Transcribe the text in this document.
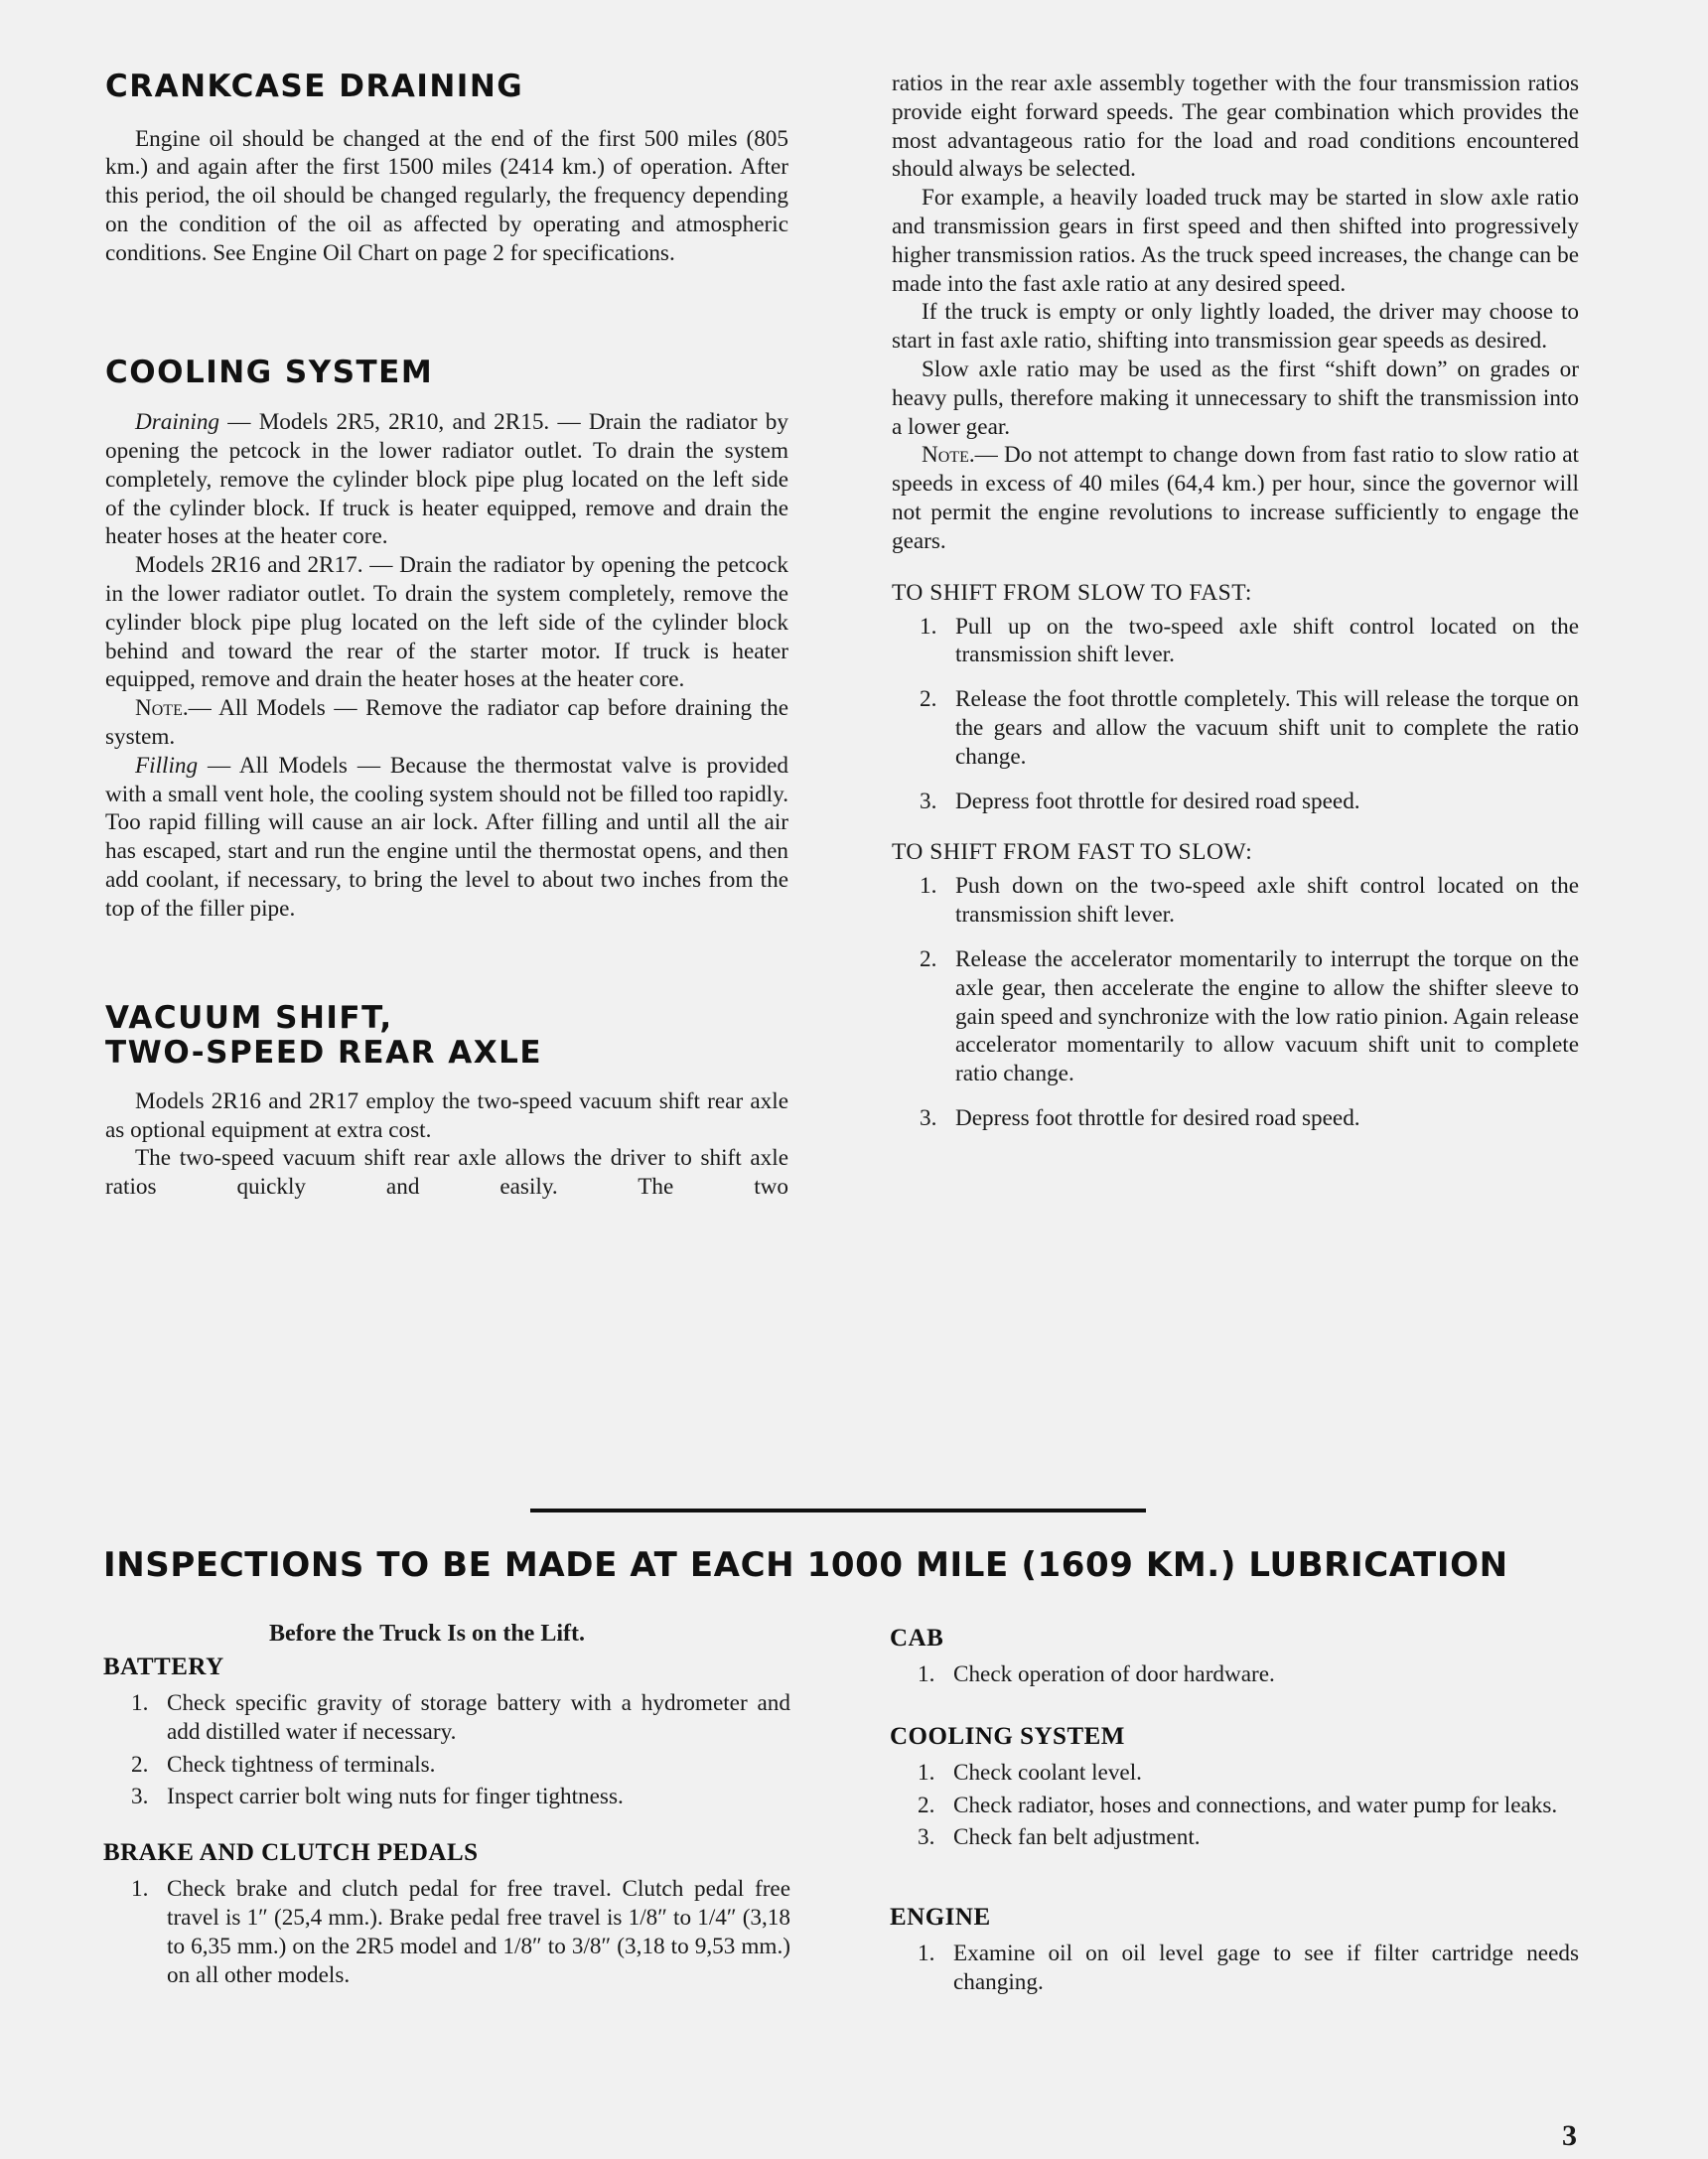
CRANKCASE DRAINING

Engine oil should be changed at the end of the first 500 miles (805 km.) and again after the first 1500 miles (2414 km.) of operation. After this period, the oil should be changed regularly, the frequency depending on the condition of the oil as affected by operating and atmospheric conditions. See Engine Oil Chart on page 2 for specifications.

COOLING SYSTEM

Draining — Models 2R5, 2R10, and 2R15. — Drain the radiator by opening the petcock in the lower radiator outlet. To drain the system completely, remove the cylinder block pipe plug located on the left side of the cylinder block. If truck is heater equipped, remove and drain the heater hoses at the heater core.

Models 2R16 and 2R17. — Drain the radiator by opening the petcock in the lower radiator outlet. To drain the system completely, remove the cylinder block pipe plug located on the left side of the cylinder block behind and toward the rear of the starter motor. If truck is heater equipped, remove and drain the heater hoses at the heater core.

Note.— All Models — Remove the radiator cap before draining the system.

Filling — All Models — Because the thermostat valve is provided with a small vent hole, the cooling system should not be filled too rapidly. Too rapid filling will cause an air lock. After filling and until all the air has escaped, start and run the engine until the thermostat opens, and then add coolant, if necessary, to bring the level to about two inches from the top of the filler pipe.

VACUUM SHIFT,
TWO-SPEED REAR AXLE

Models 2R16 and 2R17 employ the two-speed vacuum shift rear axle as optional equipment at extra cost.

The two-speed vacuum shift rear axle allows the driver to shift axle ratios quickly and easily. The two

ratios in the rear axle assembly together with the four transmission ratios provide eight forward speeds. The gear combination which provides the most advantageous ratio for the load and road conditions encountered should always be selected.

For example, a heavily loaded truck may be started in slow axle ratio and transmission gears in first speed and then shifted into progressively higher transmission ratios. As the truck speed increases, the change can be made into the fast axle ratio at any desired speed.

If the truck is empty or only lightly loaded, the driver may choose to start in fast axle ratio, shifting into transmission gear speeds as desired.

Slow axle ratio may be used as the first “shift down” on grades or heavy pulls, therefore making it unnecessary to shift the transmission into a lower gear.

Note.— Do not attempt to change down from fast ratio to slow ratio at speeds in excess of 40 miles (64,4 km.) per hour, since the governor will not permit the engine revolutions to increase sufficiently to engage the gears.

TO SHIFT FROM SLOW TO FAST:
1. Pull up on the two-speed axle shift control located on the transmission shift lever.
2. Release the foot throttle completely. This will release the torque on the gears and allow the vacuum shift unit to complete the ratio change.
3. Depress foot throttle for desired road speed.
TO SHIFT FROM FAST TO SLOW:
1. Push down on the two-speed axle shift control located on the transmission shift lever.
2. Release the accelerator momentarily to interrupt the torque on the axle gear, then accelerate the engine to allow the shifter sleeve to gain speed and synchronize with the low ratio pinion. Again release accelerator momentarily to allow vacuum shift unit to complete ratio change.
3. Depress foot throttle for desired road speed.
INSPECTIONS TO BE MADE AT EACH 1000 MILE (1609 KM.) LUBRICATION

Before the Truck Is on the Lift.

BATTERY
1. Check specific gravity of storage battery with a hydrometer and add distilled water if necessary.
2. Check tightness of terminals.
3. Inspect carrier bolt wing nuts for finger tightness.
BRAKE AND CLUTCH PEDALS
1. Check brake and clutch pedal for free travel. Clutch pedal free travel is 1″ (25,4 mm.). Brake pedal free travel is 1/8″ to 1/4″ (3,18 to 6,35 mm.) on the 2R5 model and 1/8″ to 3/8″ (3,18 to 9,53 mm.) on all other models.
CAB
1. Check operation of door hardware.
COOLING SYSTEM
1. Check coolant level.
2. Check radiator, hoses and connections, and water pump for leaks.
3. Check fan belt adjustment.
ENGINE
1. Examine oil on oil level gage to see if filter cartridge needs changing.
3
